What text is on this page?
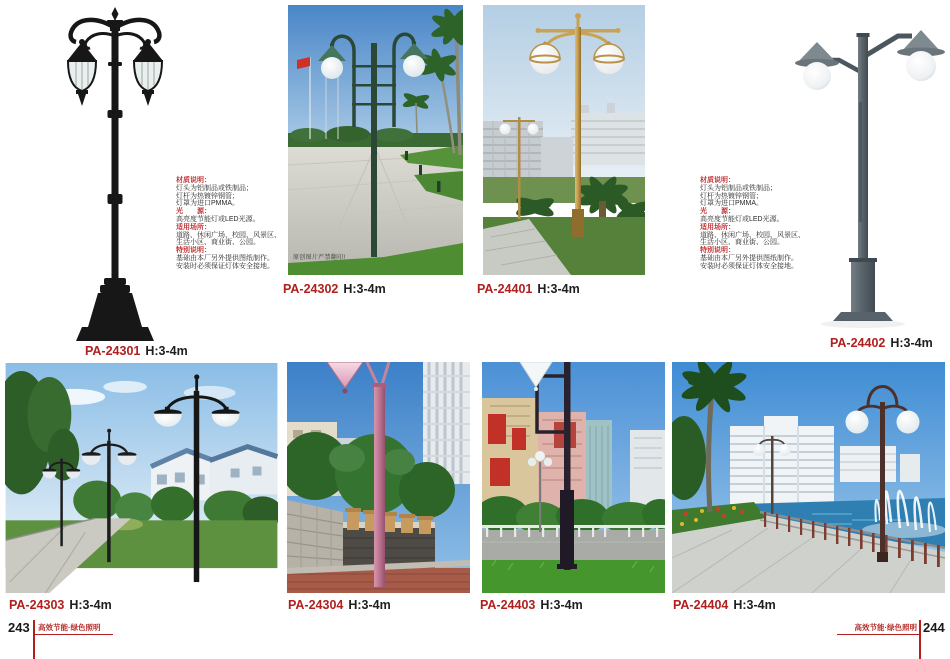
原创图片严禁翻印!
材质说明：
灯头为铝制品或铁制品；
灯杆为热镀锌钢管；
灯罩为进口PMMA。
光　　源：
高亮度节能灯或LED光源。
适用场所：
道路、休闲广场、校园、风景区、
生活小区、商业街、公园。
特别说明：
基础由本厂另外提供图纸制作。
安装时必须保证灯体安全接地。
材质说明：
灯头为铝制品或铁制品；
灯杆为热镀锌钢管；
灯罩为进口PMMA。
光　　源：
高亮度节能灯或LED光源。
适用场所：
道路、休闲广场、校园、风景区、
生活小区、商业街、公园。
特别说明：
基础由本厂另外提供图纸制作。
安装时必须保证灯体安全接地。
PA-24301 H:3-4m
PA-24302 H:3-4m	PA-24401 H:3-4m
PA-24402 H:3-4m
PA-24303 H:3-4m	PA-24304 H:3-4m	PA-24403 H:3-4m	PA-24404 H:3-4m
243 高效节能·绿色照明	高效节能·绿色照明 244
